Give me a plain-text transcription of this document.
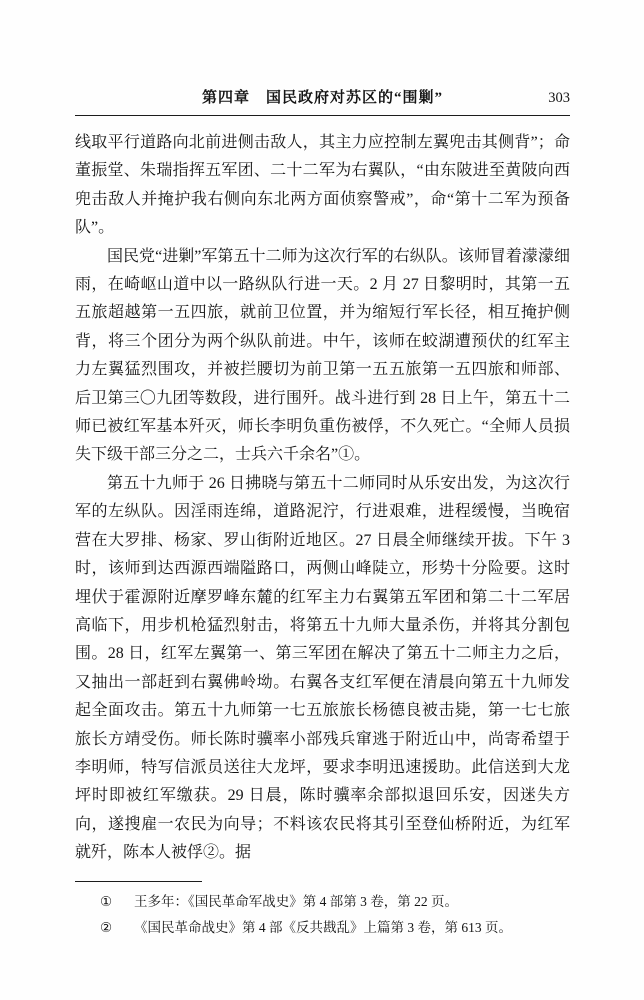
第四章　国民政府对苏区的“围剿”	303

线取平行道路向北前进侧击敌人，其主力应控制左翼兜击其侧背”；命董振堂、朱瑞指挥五军团、二十二军为右翼队，“由东陂进至黄陂向西兜击敌人并掩护我右侧向东北两方面侦察警戒”，命“第十二军为预备队”。

国民党“进剿”军第五十二师为这次行军的右纵队。该师冒着濛濛细雨，在崎岖山道中以一路纵队行进一天。2 月 27 日黎明时，其第一五五旅超越第一五四旅，就前卫位置，并为缩短行军长径，相互掩护侧背，将三个团分为两个纵队前进。中午，该师在蛟湖遭预伏的红军主力左翼猛烈围攻，并被拦腰切为前卫第一五五旅第一五四旅和师部、后卫第三〇九团等数段，进行围歼。战斗进行到 28 日上午，第五十二师已被红军基本歼灭，师长李明负重伤被俘，不久死亡。“全师人员损失下级干部三分之二，士兵六千余名”①。

第五十九师于 26 日拂晓与第五十二师同时从乐安出发，为这次行军的左纵队。因淫雨连绵，道路泥泞，行进艰难，进程缓慢，当晚宿营在大罗排、杨家、罗山街附近地区。27 日晨全师继续开拔。下午 3 时，该师到达西源西端隘路口，两侧山峰陡立，形势十分险要。这时埋伏于霍源附近摩罗峰东麓的红军主力右翼第五军团和第二十二军居高临下，用步机枪猛烈射击，将第五十九师大量杀伤，并将其分割包围。28 日，红军左翼第一、第三军团在解决了第五十二师主力之后，又抽出一部赶到右翼佛岭坳。右翼各支红军便在清晨向第五十九师发起全面攻击。第五十九师第一七五旅旅长杨德良被击毙，第一七七旅旅长方靖受伤。师长陈时骥率小部残兵窜逃于附近山中，尚寄希望于李明师，特写信派员送往大龙坪，要求李明迅速援助。此信送到大龙坪时即被红军缴获。29 日晨，陈时骥率余部拟退回乐安，因迷失方向，遂搜雇一农民为向导；不料该农民将其引至登仙桥附近，为红军就歼，陈本人被俘②。据

①	王多年：《国民革命军战史》第 4 部第 3 卷，第 22 页。
②	《国民革命战史》第 4 部《反共戡乱》上篇第 3 卷，第 613 页。
